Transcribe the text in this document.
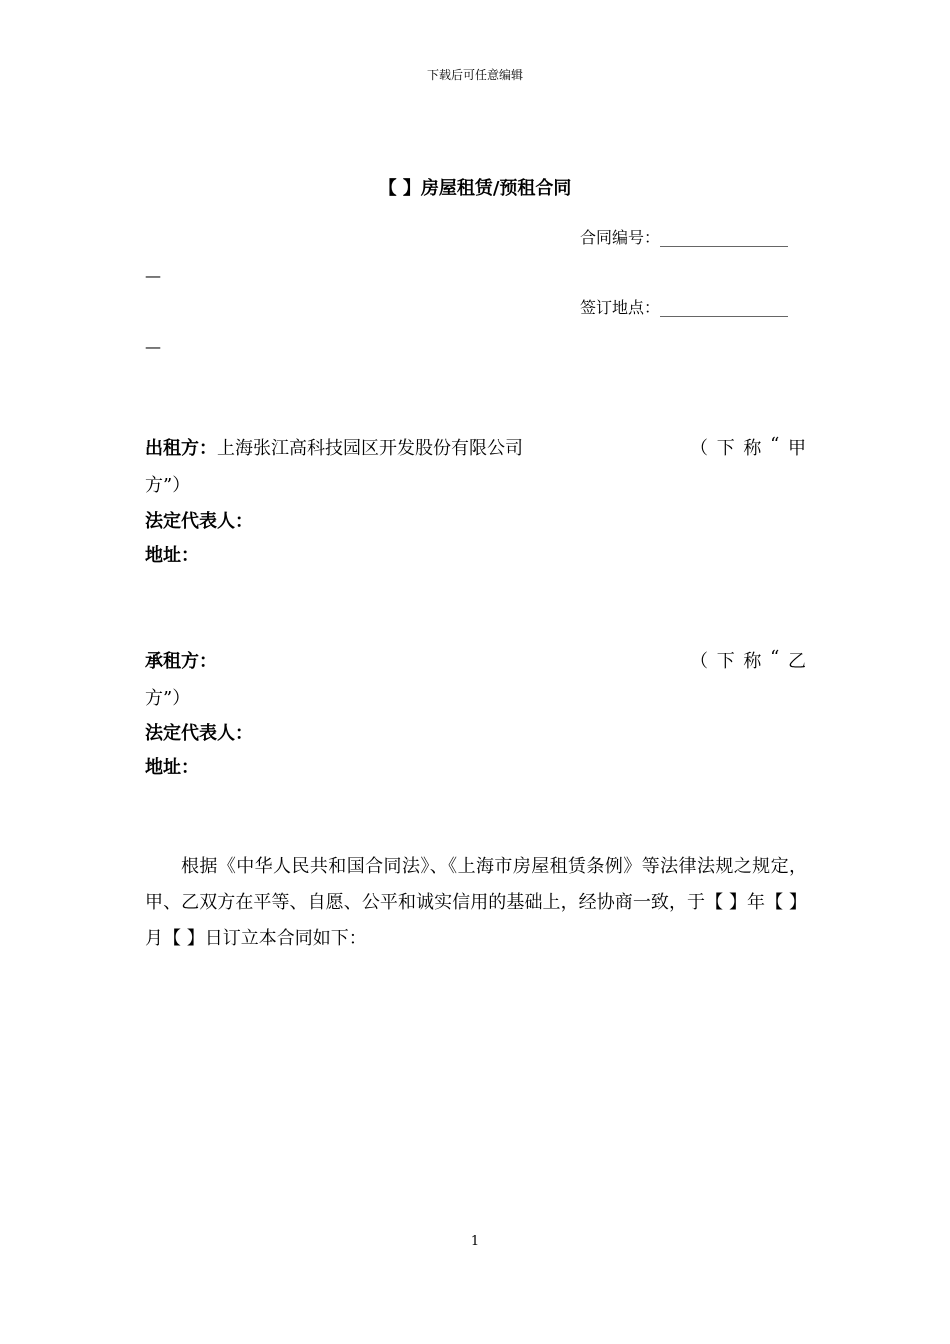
下载后可任意编辑
【 】房屋租赁/预租合同
合同编号：________________
—
签订地点：________________
—
出租方：上海张江高科技园区开发股份有限公司	（ 下 称 “ 甲
方”）
法定代表人：
地址：
承租方：	（ 下 称 “ 乙
方”）
法定代表人：
地址：
根据《中华人民共和国合同法》、《上海市房屋租赁条例》等法律法规之规定，甲、乙双方在平等、自愿、公平和诚实信用的基础上，经协商一致，于【 】年【 】月【 】日订立本合同如下：
1
